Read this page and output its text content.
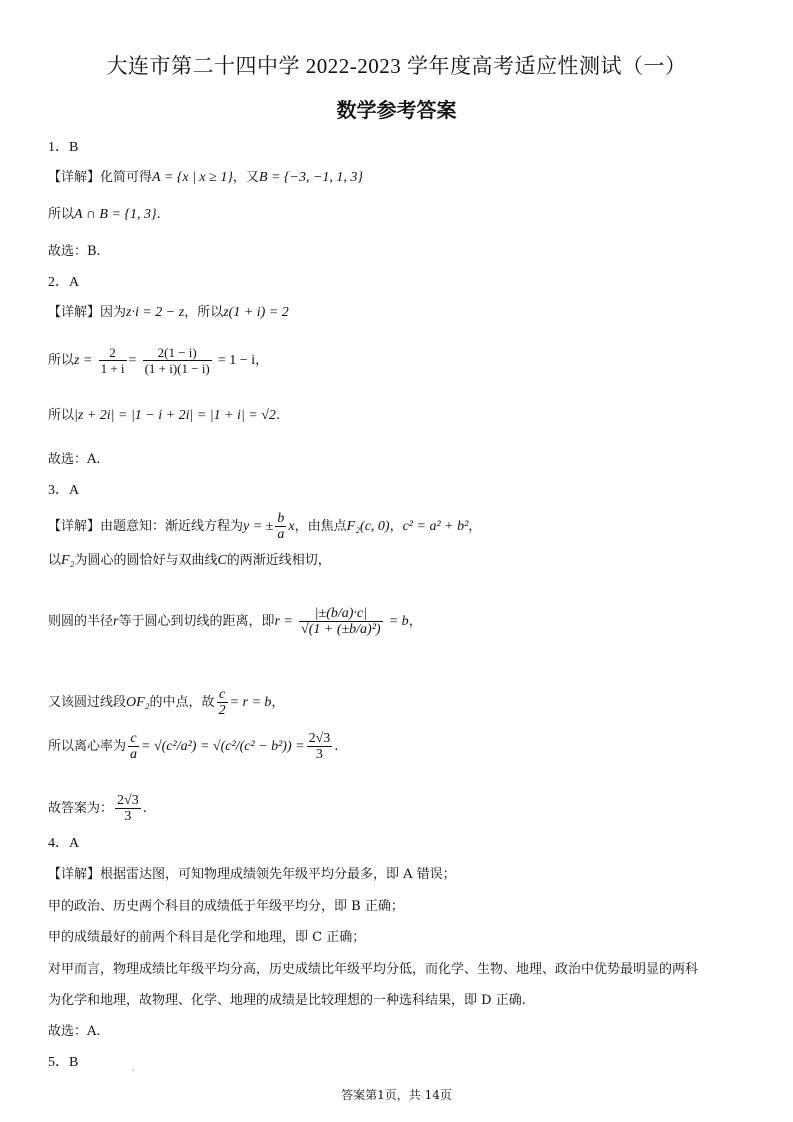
大连市第二十四中学 2022-2023 学年度高考适应性测试（一）
数学参考答案
1．B
【详解】化简可得A = {x | x ≥ 1}，又B = {−3, −1, 1, 3}
所以A ∩ B = {1, 3}.
故选：B.
2．A
【详解】因为z·i = 2 − z，所以z(1 + i) = 2
所以$z = \frac{2}{1 + i} = \frac{2(1 - i)}{(1 + i)(1 - i)} = 1 - i$，
所以|z + 2i| = |1 − i + 2i| = |1 + i| = √2.
故选：A.
3．A
【详解】由题意知：渐近线方程为y = ± $\frac{b}{a}$ x，由焦点F₂(c, 0)，c² = a² + b²，
以F₂为圆心的圆恰好与双曲线C的两渐近线相切，
则圆的半径r等于圆心到切线的距离，即$r = \frac{|\pm(b/a)\cdot c|}{\text{√(1 + (±b/a)²)}} = b$，
又该圆过线段OF₂的中点，故 $\frac{c}{2} = r = b$，
所以离心率为 $\frac{c}{a} = √(c^2/a^2) = √(c^2/(c^2 - b^2)) = \frac{2√3}{3}$ .
故答案为： $\frac{2√3}{3}$ .
4．A
【详解】根据雷达图，可知物理成绩领先年级平均分最多，即 A 错误；
甲的政治、历史两个科目的成绩低于年级平均分，即 B 正确；
甲的成绩最好的前两个科目是化学和地理，即 C 正确；
对甲而言，物理成绩比年级平均分高，历史成绩比年级平均分低，而化学、生物、地理、政治中优势最明显的两科
为化学和地理，故物理、化学、地理的成绩是比较理想的一种选科结果，即 D 正确.
故选：A.
5．B
·
答案第1页，共 14页
